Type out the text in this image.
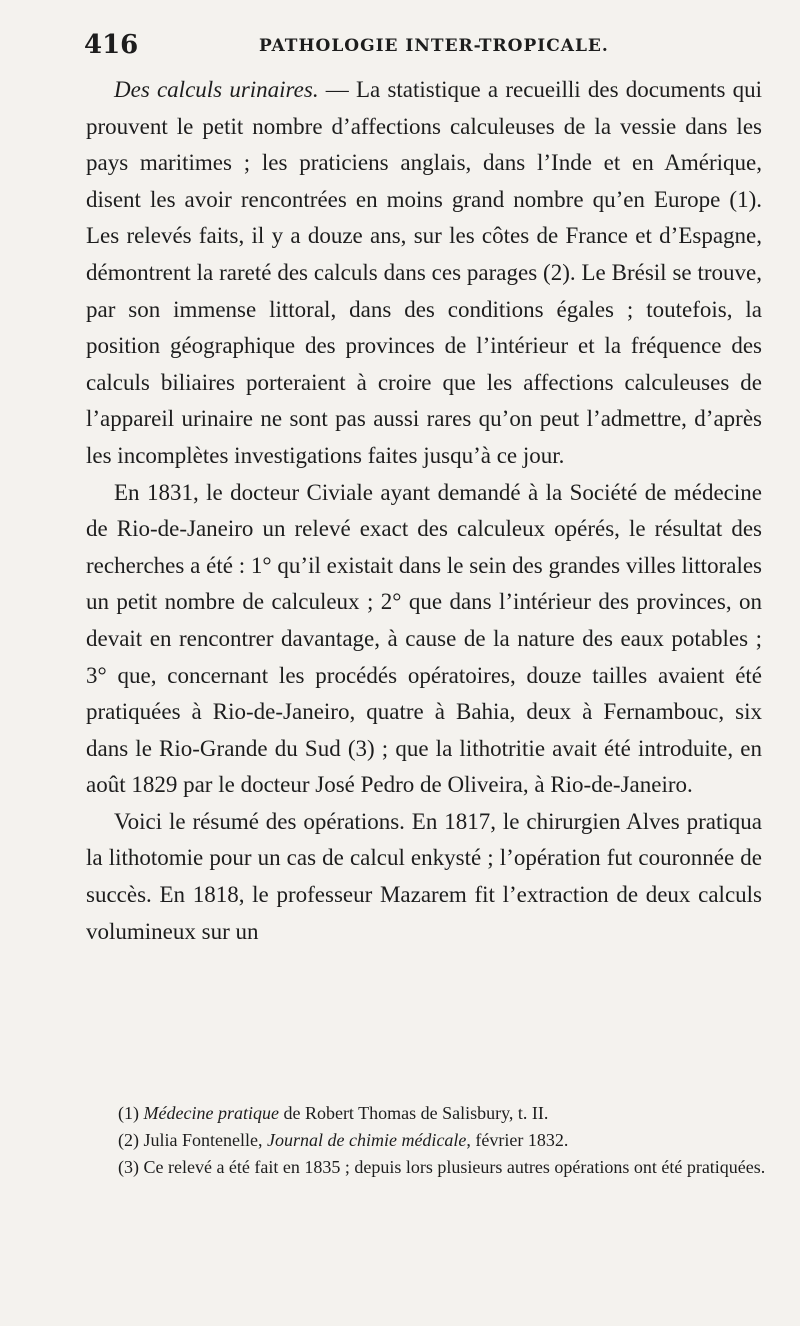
416	PATHOLOGIE INTER-TROPICALE.

Des calculs urinaires. — La statistique a recueilli des documents qui prouvent le petit nombre d’affections calculeuses de la vessie dans les pays maritimes ; les praticiens anglais, dans l’Inde et en Amérique, disent les avoir rencontrées en moins grand nombre qu’en Europe (1). Les relevés faits, il y a douze ans, sur les côtes de France et d’Espagne, démontrent la rareté des calculs dans ces parages (2). Le Brésil se trouve, par son immense littoral, dans des conditions égales ; toutefois, la position géographique des provinces de l’intérieur et la fréquence des calculs biliaires porteraient à croire que les affections calculeuses de l’appareil urinaire ne sont pas aussi rares qu’on peut l’admettre, d’après les incomplètes investigations faites jusqu’à ce jour.

En 1831, le docteur Civiale ayant demandé à la Société de médecine de Rio-de-Janeiro un relevé exact des calculeux opérés, le résultat des recherches a été : 1° qu’il existait dans le sein des grandes villes littorales un petit nombre de calculeux ; 2° que dans l’intérieur des provinces, on devait en rencontrer davantage, à cause de la nature des eaux potables ; 3° que, concernant les procédés opératoires, douze tailles avaient été pratiquées à Rio-de-Janeiro, quatre à Bahia, deux à Fernambouc, six dans le Rio-Grande du Sud (3) ; que la lithotritie avait été introduite, en août 1829 par le docteur José Pedro de Oliveira, à Rio-de-Janeiro.

Voici le résumé des opérations. En 1817, le chirurgien Alves pratiqua la lithotomie pour un cas de calcul enkysté ; l’opération fut couronnée de succès. En 1818, le professeur Mazarem fit l’extraction de deux calculs volumineux sur un

(1) Médecine pratique de Robert Thomas de Salisbury, t. II.

(2) Julia Fontenelle, Journal de chimie médicale, février 1832.

(3) Ce relevé a été fait en 1835 ; depuis lors plusieurs autres opérations ont été pratiquées.
